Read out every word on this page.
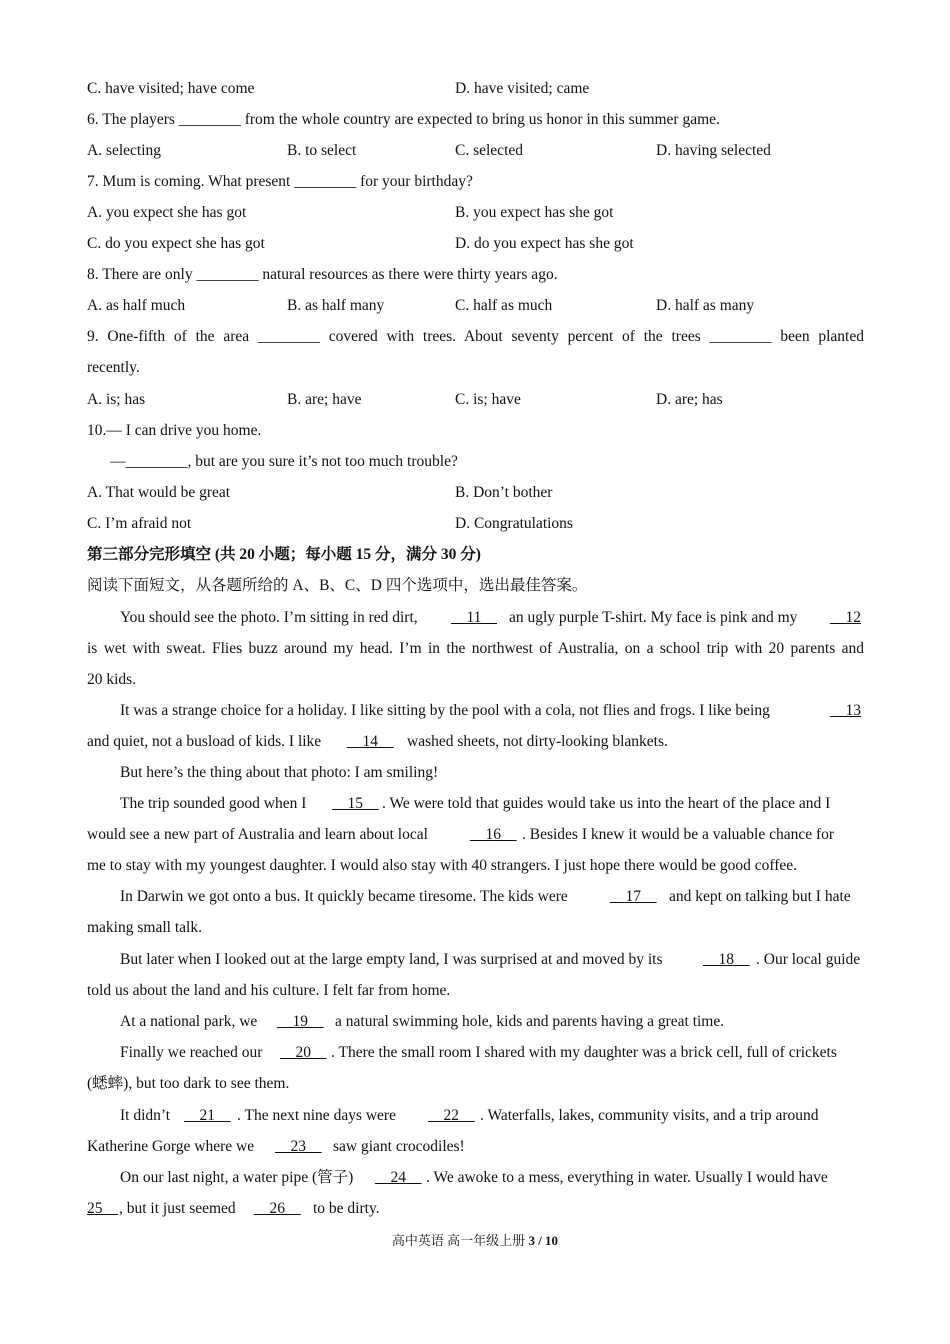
C. have visited; have come	D. have visited; came
6. The players ________ from the whole country are expected to bring us honor in this summer game.
A. selecting	B. to select	C. selected	D. having selected
7. Mum is coming. What present ________ for your birthday?
A. you expect she has got	B. you expect has she got
C. do you expect she has got	D. do you expect has she got
8. There are only ________ natural resources as there were thirty years ago.
A. as half much	B. as half many	C. half as much	D. half as many
9. One-fifth of the area ________ covered with trees. About seventy percent of the trees ________ been planted
recently.
A. is; has	B. are; have	C. is; have	D. are; has
10.— I can drive you home.
—________, but are you sure it’s not too much trouble?
A. That would be great	B. Don’t bother
C. I’m afraid not	D. Congratulations
第三部分完形填空 (共 20 小题；每小题 15 分，满分 30 分)
阅读下面短文，从各题所给的 A、B、C、D 四个选项中，选出最佳答案。
You should see the photo. I’m sitting in red dirt, __11__ an ugly purple T-shirt. My face is pink and my __12
is wet with sweat. Flies buzz around my head. I’m in the northwest of Australia, on a school trip with 20 parents and
20 kids.
It was a strange choice for a holiday. I like sitting by the pool with a cola, not flies and frogs. I like being	__13
and quiet, not a busload of kids. I like __14__ washed sheets, not dirty-looking blankets.
But here’s the thing about that photo: I am smiling!
The trip sounded good when I __15__ . We were told that guides would take us into the heart of the place and I
would see a new part of Australia and learn about local	__16__ . Besides I knew it would be a valuable chance for
me to stay with my youngest daughter. I would also stay with 40 strangers. I just hope there would be good coffee.
In Darwin we got onto a bus. It quickly became tiresome. The kids were	__17__ and kept on talking but I hate
making small talk.
But later when I looked out at the large empty land, I was surprised at and moved by its	__18__ . Our local guide
told us about the land and his culture. I felt far from home.
At a national park, we __19__ a natural swimming hole, kids and parents having a great time.
Finally we reached our __20__ . There the small room I shared with my daughter was a brick cell, full of crickets
(蟋蟀), but too dark to see them.
It didn’t __21__ . The next nine days were __22__ . Waterfalls, lakes, community visits, and a trip around
Katherine Gorge where we __23__ saw giant crocodiles!
On our last night, a water pipe (管子) __24__ . We awoke to a mess, everything in water. Usually I would have
25__ , but it just seemed __26__ to be dirty.
高中英语 高一年级上册 3 / 10
